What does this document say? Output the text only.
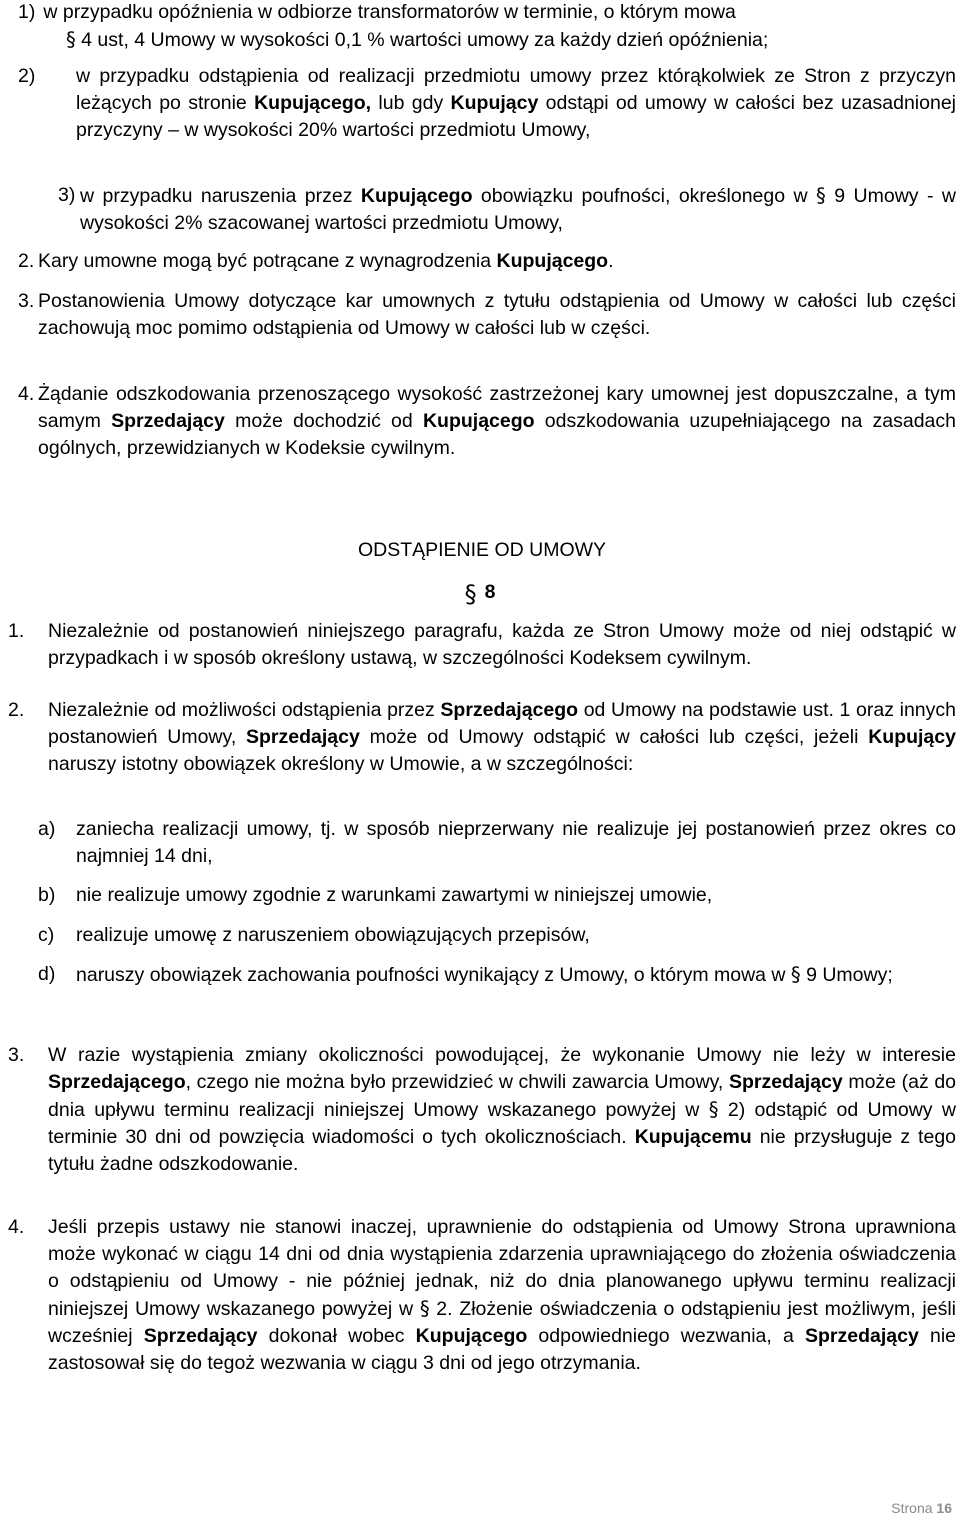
1) w przypadku opóźnienia w odbiorze transformatorów w terminie, o którym mowa
§ 4 ust, 4 Umowy w wysokości 0,1 % wartości umowy za każdy dzień opóźnienia;
2)	w przypadku odstąpienia od realizacji przedmiotu umowy przez którąkolwiek ze Stron z przyczyn leżących po stronie Kupującego, lub gdy Kupujący odstąpi od umowy w całości bez uzasadnionej przyczyny – w wysokości 20% wartości przedmiotu Umowy,
3) w przypadku naruszenia przez Kupującego obowiązku poufności, określonego w § 9 Umowy - w wysokości 2% szacowanej wartości przedmiotu Umowy,
2. Kary umowne mogą być potrącane z wynagrodzenia Kupującego.
3. Postanowienia Umowy dotyczące kar umownych z tytułu odstąpienia od Umowy w całości lub części zachowują moc pomimo odstąpienia od Umowy w całości lub w części.
4. Żądanie odszkodowania przenoszącego wysokość zastrzeżonej kary umownej jest dopuszczalne, a tym samym Sprzedający może dochodzić od Kupującego odszkodowania uzupełniającego na zasadach ogólnych, przewidzianych w Kodeksie cywilnym.
ODSTĄPIENIE OD UMOWY
§ 8
1.	Niezależnie od postanowień niniejszego paragrafu, każda ze Stron Umowy może od niej odstąpić w przypadkach i w sposób określony ustawą, w szczególności Kodeksem cywilnym.
2.	Niezależnie od możliwości odstąpienia przez Sprzedającego od Umowy na podstawie ust. 1 oraz innych postanowień Umowy, Sprzedający może od Umowy odstąpić w całości lub części, jeżeli Kupujący naruszy istotny obowiązek określony w Umowie, a w szczególności:
a)	zaniecha realizacji umowy, tj. w sposób nieprzerwany nie realizuje jej postanowień przez okres co najmniej 14 dni,
b)	nie realizuje umowy zgodnie z warunkami zawartymi w niniejszej umowie,
c)	realizuje umowę z naruszeniem obowiązujących przepisów,
d)	naruszy obowiązek zachowania poufności wynikający z Umowy, o którym mowa w § 9 Umowy;
3.	W razie wystąpienia zmiany okoliczności powodującej, że wykonanie Umowy nie leży w interesie Sprzedającego, czego nie można było przewidzieć w chwili zawarcia Umowy, Sprzedający może (aż do dnia upływu terminu realizacji niniejszej Umowy wskazanego powyżej w § 2) odstąpić od Umowy w terminie 30 dni od powzięcia wiadomości o tych okolicznościach. Kupującemu nie przysługuje z tego tytułu żadne odszkodowanie.
4.	Jeśli przepis ustawy nie stanowi inaczej, uprawnienie do odstąpienia od Umowy Strona uprawniona może wykonać w ciągu 14 dni od dnia wystąpienia zdarzenia uprawniającego do złożenia oświadczenia o odstąpieniu od Umowy - nie później jednak, niż do dnia planowanego upływu terminu realizacji niniejszej Umowy wskazanego powyżej w § 2. Złożenie oświadczenia o odstąpieniu jest możliwym, jeśli wcześniej Sprzedający dokonał wobec Kupującego odpowiedniego wezwania, a Sprzedający nie zastosował się do tegoż wezwania w ciągu 3 dni od jego otrzymania.
Strona 16
